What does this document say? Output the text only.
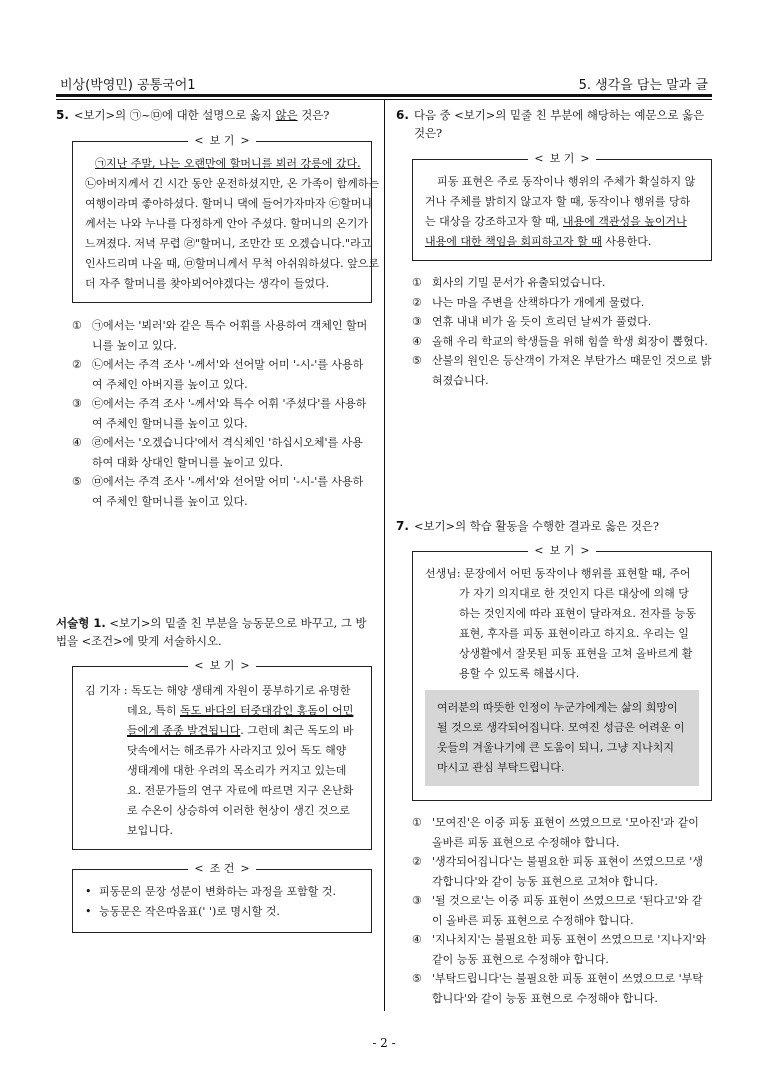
비상(박영민) 공통국어1	5. 생각을 담는 말과 글
5. <보기>의 ㉠~㉤에 대한 설명으로 옳지 않은 것은?
< 보 기 >
㉠지난 주말, 나는 오랜만에 할머니를 뵈러 강릉에 갔다.
㉡아버지께서 긴 시간 동안 운전하셨지만, 온 가족이 함께하는
여행이라며 좋아하셨다. 할머니 댁에 들어가자마자 ㉢할머니
께서는 나와 누나를 다정하게 안아 주셨다. 할머니의 온기가
느껴졌다. 저녁 무렵 ㉣"할머니, 조만간 또 오겠습니다."라고
인사드리며 나올 때, ㉤할머니께서 무척 아쉬워하셨다. 앞으로
더 자주 할머니를 찾아뵈어야겠다는 생각이 들었다.
① ㉠에서는 '뵈러'와 같은 특수 어휘를 사용하여 객체인 할머니를 높이고 있다.
② ㉡에서는 주격 조사 '-께서'와 선어말 어미 '-시-'를 사용하여 주체인 아버지를 높이고 있다.
③ ㉢에서는 주격 조사 '-께서'와 특수 어휘 '주셨다'를 사용하여 주체인 할머니를 높이고 있다.
④ ㉣에서는 '오겠습니다'에서 격식체인 '하십시오체'를 사용하여 대화 상대인 할머니를 높이고 있다.
⑤ ㉤에서는 주격 조사 '-께서'와 선어말 어미 '-시-'를 사용하여 주체인 할머니를 높이고 있다.
서술형 1. <보기>의 밑줄 친 부분을 능동문으로 바꾸고, 그 방법을 <조건>에 맞게 서술하시오.
< 보 기 >
김 기자 : 독도는 해양 생태계 자원이 풍부하기로 유명한데요, 특히 독도 바다의 터줏대감인 홍돔이 어민들에게 종종 발견됩니다. 그런데 최근 독도의 바닷속에서는 해조류가 사라지고 있어 독도 해양 생태계에 대한 우려의 목소리가 커지고 있는데요. 전문가들의 연구 자료에 따르면 지구 온난화로 수온이 상승하여 이러한 현상이 생긴 것으로 보입니다.
< 조 건 >
• 피동문의 문장 성분이 변화하는 과정을 포함할 것.
• 능동문은 작은따옴표(' ')로 명시할 것.
6. 다음 중 <보기>의 밑줄 친 부분에 해당하는 예문으로 옳은 것은?
< 보 기 >
피동 표현은 주로 동작이나 행위의 주체가 확실하지 않거나 주체를 밝히지 않고자 할 때, 동작이나 행위를 당하는 대상을 강조하고자 할 때, 내용에 객관성을 높이거나 내용에 대한 책임을 회피하고자 할 때 사용한다.
① 회사의 기밀 문서가 유출되었습니다.
② 나는 마을 주변을 산책하다가 개에게 물렸다.
③ 연휴 내내 비가 올 듯이 흐리던 날씨가 풀렸다.
④ 올해 우리 학교의 학생들을 위해 힘쓸 학생 회장이 뽑혔다.
⑤ 산불의 원인은 등산객이 가져온 부탄가스 때문인 것으로 밝혀졌습니다.
7. <보기>의 학습 활동을 수행한 결과로 옳은 것은?
< 보 기 >
선생님: 문장에서 어떤 동작이나 행위를 표현할 때, 주어가 자기 의지대로 한 것인지 다른 대상에 의해 당하는 것인지에 따라 표현이 달라져요. 전자를 능동 표현, 후자를 피동 표현이라고 하지요. 우리는 일상생활에서 잘못된 피동 표현을 고쳐 올바르게 활용할 수 있도록 해봅시다.
여러분의 따뜻한 인정이 누군가에게는 삶의 희망이 될 것으로 생각되어집니다. 모여진 성금은 어려운 이웃들의 겨울나기에 큰 도움이 되니, 그냥 지나치지 마시고 관심 부탁드립니다.
① '모여진'은 이중 피동 표현이 쓰였으므로 '모아진'과 같이 올바른 피동 표현으로 수정해야 합니다.
② '생각되어집니다'는 불필요한 피동 표현이 쓰였으므로 '생각합니다'와 같이 능동 표현으로 고쳐야 합니다.
③ '될 것으로'는 이중 피동 표현이 쓰였으므로 '된다고'와 같이 올바른 피동 표현으로 수정해야 합니다.
④ '지나치지'는 불필요한 피동 표현이 쓰였으므로 '지나지'와 같이 능동 표현으로 수정해야 합니다.
⑤ '부탁드립니다'는 불필요한 피동 표현이 쓰였으므로 '부탁합니다'와 같이 능동 표현으로 수정해야 합니다.
- 2 -
